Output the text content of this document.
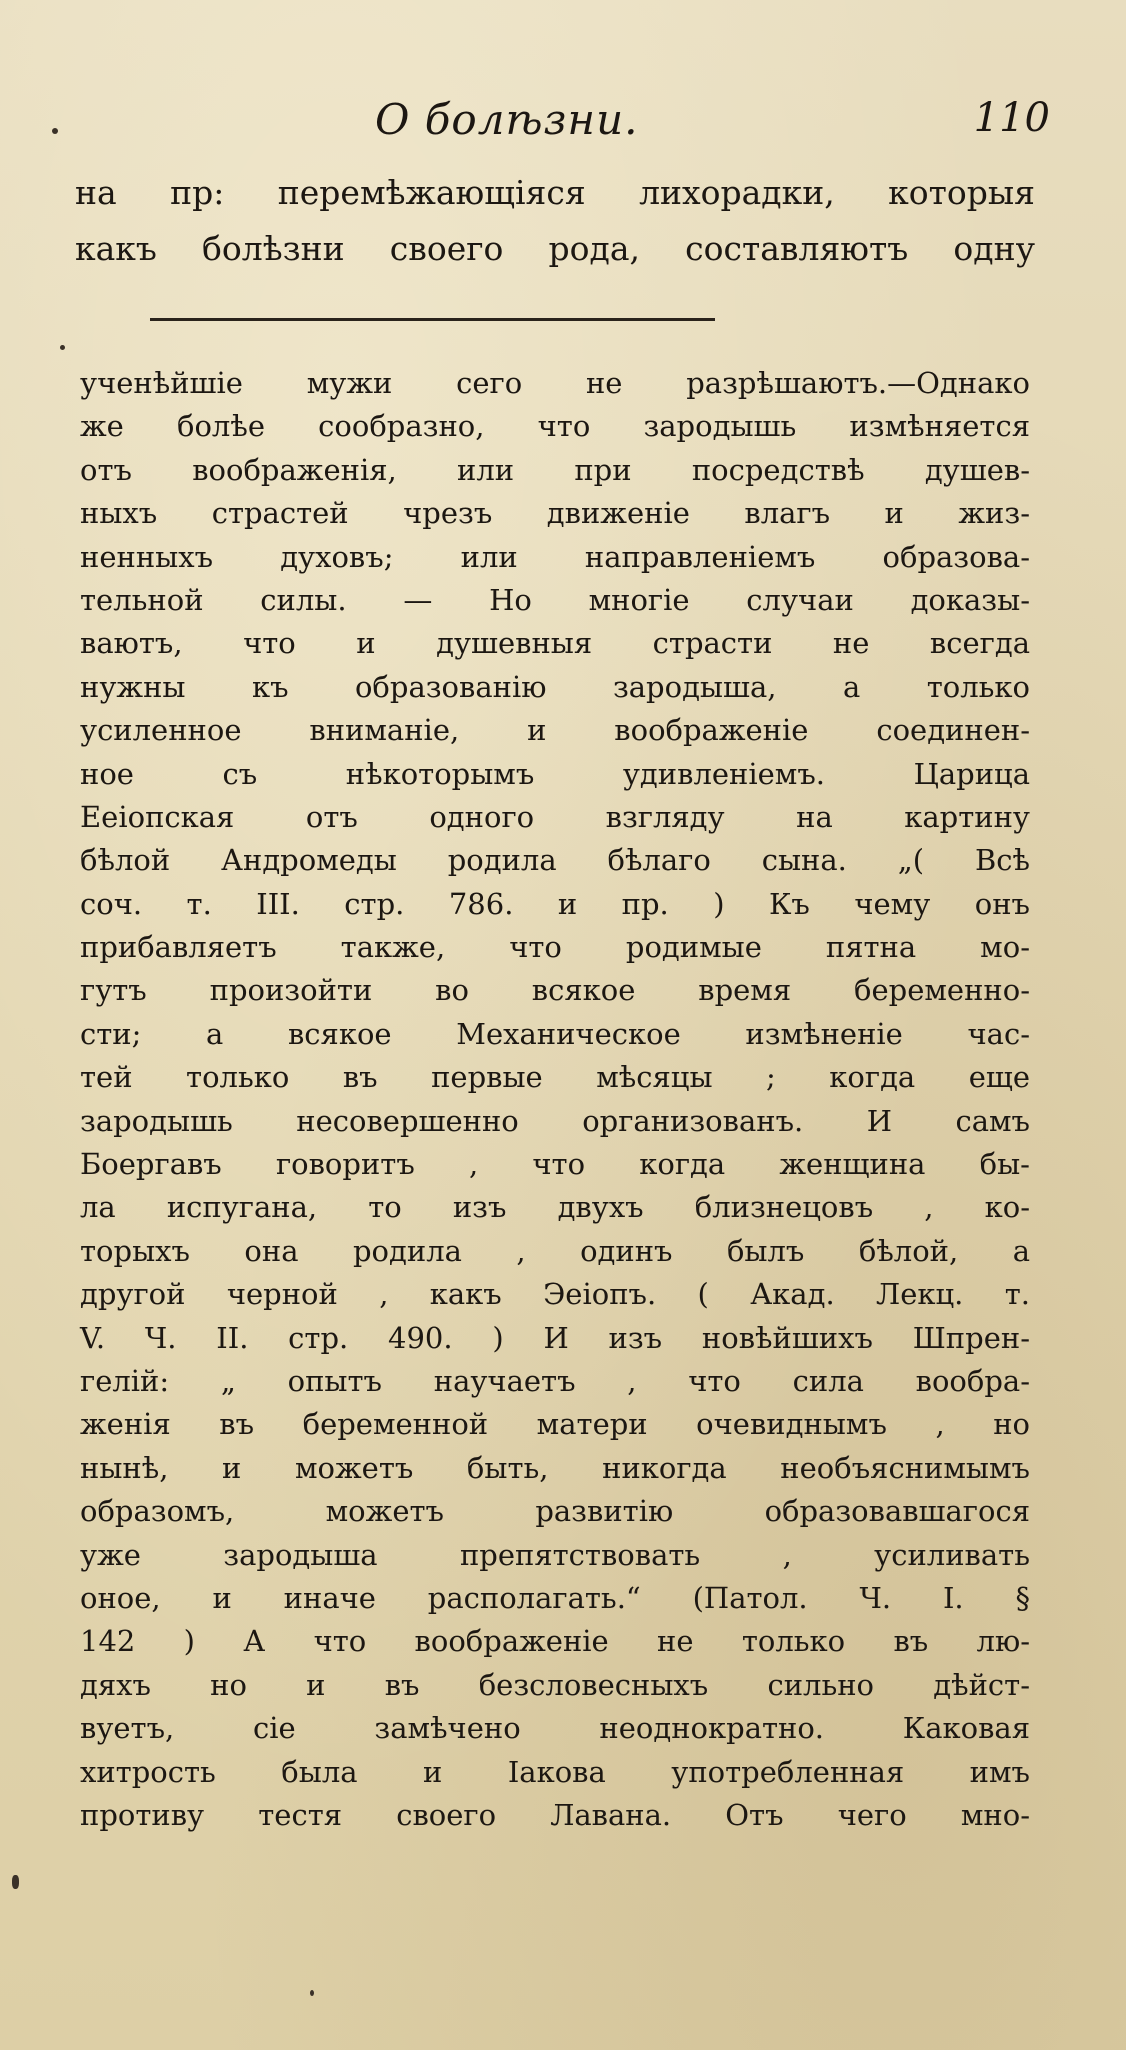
О болѣзни.	110
на пр: перемѣжающіяся лихорадки, которыя
какъ болѣзни своего рода, составляютъ одну
ученѣйшіе мужи сего не разрѣшаютъ.—Однако
же болѣе сообразно, что зародышь измѣняется
отъ воображенія, или при посредствѣ душев-
ныхъ страстей чрезъ движеніе влагъ и жиз-
ненныхъ духовъ; или направленіемъ образова-
тельной силы. — Но многіе случаи доказы-
ваютъ, что и душевныя страсти не всегда
нужны къ образованію зародыша, а только
усиленное вниманіе, и воображеніе соединен-
ное съ нѣкоторымъ удивленіемъ. Царица
Ееіопская отъ одного взгляду на картину
бѣлой Андромеды родила бѣлаго сына. „( Всѣ
соч. т. III. стр. 786. и пр. ) Къ чему онъ
прибавляетъ также, что родимые пятна мо-
гутъ произойти во всякое время беременно-
сти; а всякое Механическое измѣненіе час-
тей только въ первые мѣсяцы ; когда еще
зародышь несовершенно организованъ. И самъ
Боергавъ говоритъ , что когда женщина бы-
ла испугана, то изъ двухъ близнецовъ , ко-
торыхъ она родила , одинъ былъ бѣлой, а
другой черной , какъ Эеіопъ. ( Акад. Лекц. т.
V. Ч. II. стр. 490. ) И изъ новѣйшихъ Шпрен-
гелій: „ опытъ научаетъ , что сила вообра-
женія въ беременной матери очевиднымъ , но
нынѣ, и можетъ быть, никогда необъяснимымъ
образомъ, можетъ развитію образовавшагося
уже зародыша препятствовать , усиливать
оное, и иначе располагать.“ (Патол. Ч. I. §
142 ) А что воображеніе не только въ лю-
дяхъ но и въ безсловесныхъ сильно дѣйст-
вуетъ, сіе замѣчено неоднократно. Каковая
хитрость была и Іакова употребленная имъ
противу тестя своего Лавана. Отъ чего мно-
